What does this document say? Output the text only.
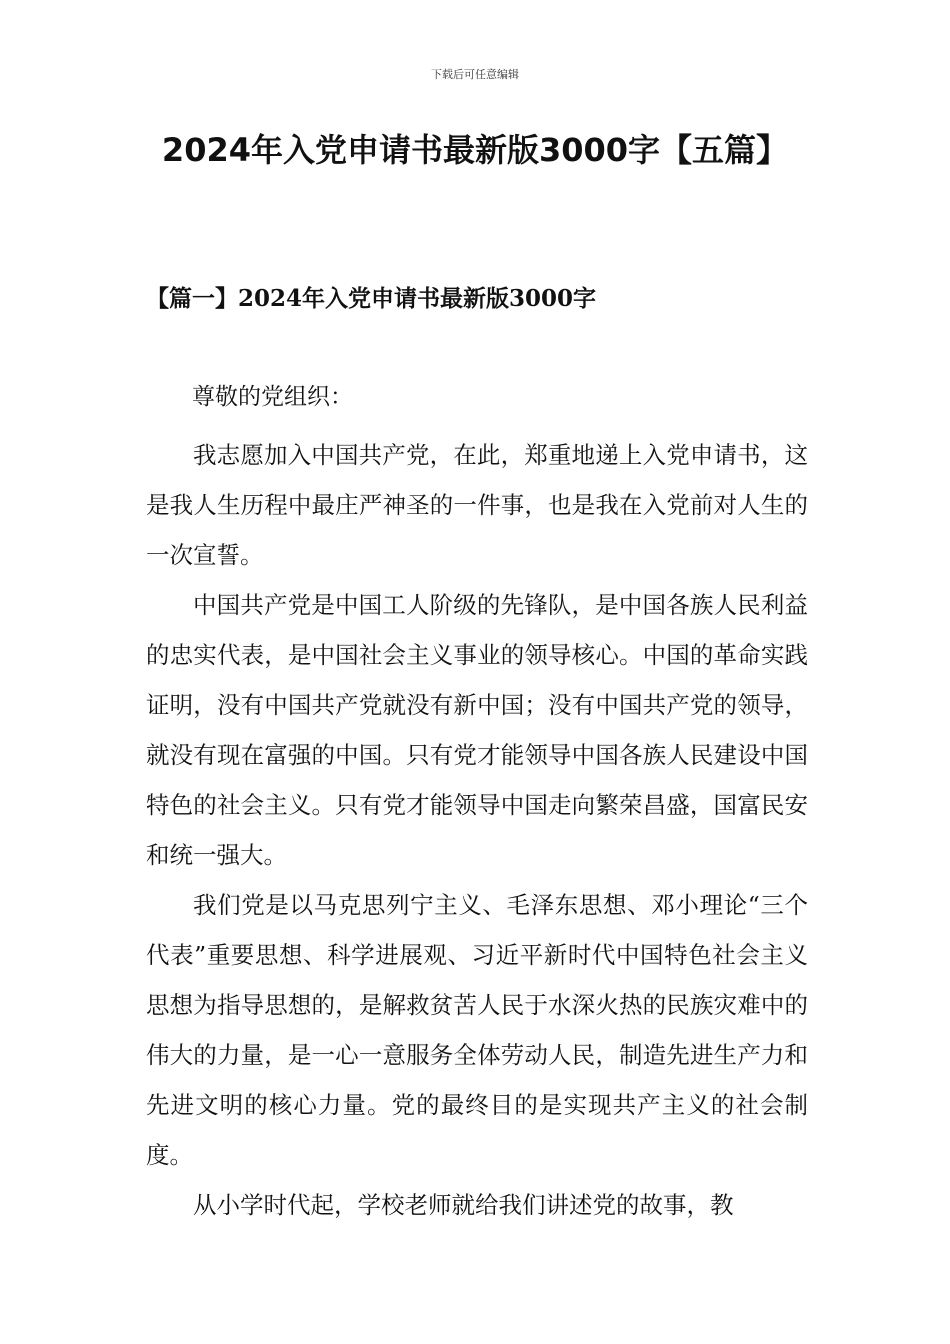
下载后可任意编辑
2024年入党申请书最新版3000字【五篇】
【篇一】2024年入党申请书最新版3000字

尊敬的党组织：

我志愿加入中国共产党，在此，郑重地递上入党申请书，这是我人生历程中最庄严神圣的一件事，也是我在入党前对人生的一次宣誓。

中国共产党是中国工人阶级的先锋队，是中国各族人民利益的忠实代表，是中国社会主义事业的领导核心。中国的革命实践证明，没有中国共产党就没有新中国；没有中国共产党的领导，就没有现在富强的中国。只有党才能领导中国各族人民建设中国特色的社会主义。只有党才能领导中国走向繁荣昌盛，国富民安和统一强大。

我们党是以马克思列宁主义、毛泽东思想、邓小理论“三个代表”重要思想、科学进展观、习近平新时代中国特色社会主义思想为指导思想的，是解救贫苦人民于水深火热的民族灾难中的伟大的力量，是一心一意服务全体劳动人民，制造先进生产力和先进文明的核心力量。党的最终目的是实现共产主义的社会制度。

从小学时代起，学校老师就给我们讲述党的故事，教
